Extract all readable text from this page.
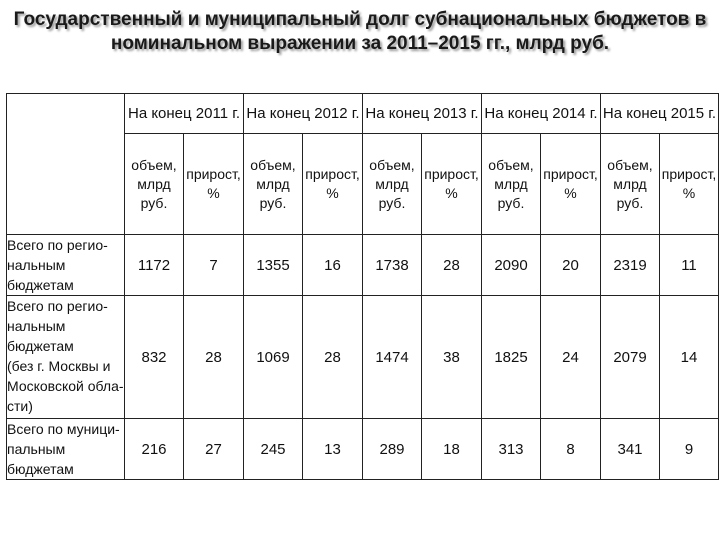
Государственный и муниципальный долг субнациональных бюджетов в
номинальном выражении за 2011–2015 гг., млрд руб.
	На конец 2011 г.		На конец 2012 г.		На конец 2013 г.		На конец 2014 г.		На конец 2015 г.	
	объем,
млрд
руб.	прирост,
%	объем,
млрд
руб.	прирост,
%	объем,
млрд
руб.	прирост,
%	объем,
млрд
руб.	прирост,
%	объем,
млрд
руб.	прирост,
%
Всего по регио-
нальным бюджетам	1172	7	1355	16	1738	28	2090	20	2319	11
Всего по регио-
нальным бюджетам
(без г. Москвы и
Московской обла-
сти)	832	28	1069	28	1474	38	1825	24	2079	14
Всего по муници-
пальным бюджетам	216	27	245	13	289	18	313	8	341	9
